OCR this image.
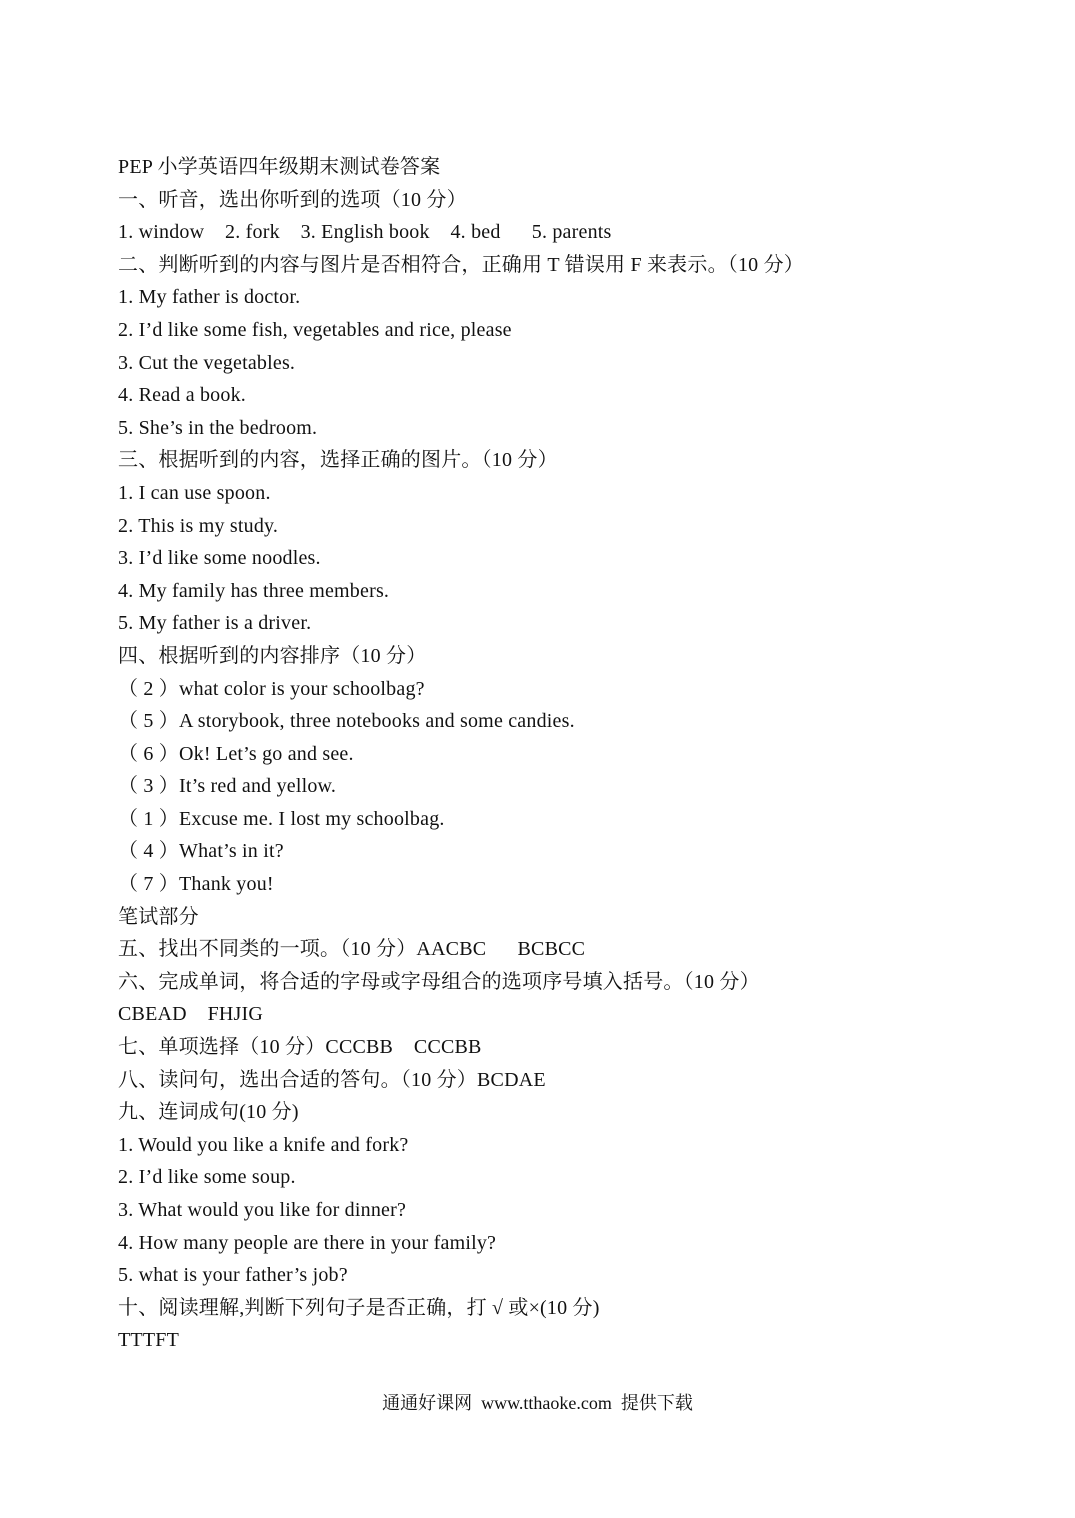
PEP 小学英语四年级期末测试卷答案
一、听音，选出你听到的选项（10 分）
1. window    2. fork    3. English book    4. bed      5. parents
二、判断听到的内容与图片是否相符合，正确用 T 错误用 F 来表示。（10 分）
1. My father is doctor.
2. I’d like some fish, vegetables and rice, please
3. Cut the vegetables.
4. Read a book.
5. She’s in the bedroom.
三、根据听到的内容，选择正确的图片。（10 分）
1. I can use spoon.
2. This is my study.
3. I’d like some noodles.
4. My family has three members.
5. My father is a driver.
四、根据听到的内容排序（10 分）
（ 2 ）what color is your schoolbag?
（ 5 ）A storybook, three notebooks and some candies.
（ 6 ）Ok! Let’s go and see.
（ 3 ）It’s red and yellow.
（ 1 ）Excuse me. I lost my schoolbag.
（ 4 ）What’s in it?
（ 7 ）Thank you!
笔试部分
五、找出不同类的一项。（10 分）AACBC      BCBCC
六、完成单词，将合适的字母或字母组合的选项序号填入括号。（10 分）
CBEAD    FHJIG
七、单项选择（10 分）CCCBB    CCCBB
八、读问句，选出合适的答句。（10 分）BCDAE
九、连词成句(10 分)
1. Would you like a knife and fork?
2. I’d like some soup.
3. What would you like for dinner?
4. How many people are there in your family?
5. what is your father’s job?
十、阅读理解,判断下列句子是否正确，打 √ 或×(10 分)
TTTFT
通通好课网  www.tthaoke.com  提供下载
